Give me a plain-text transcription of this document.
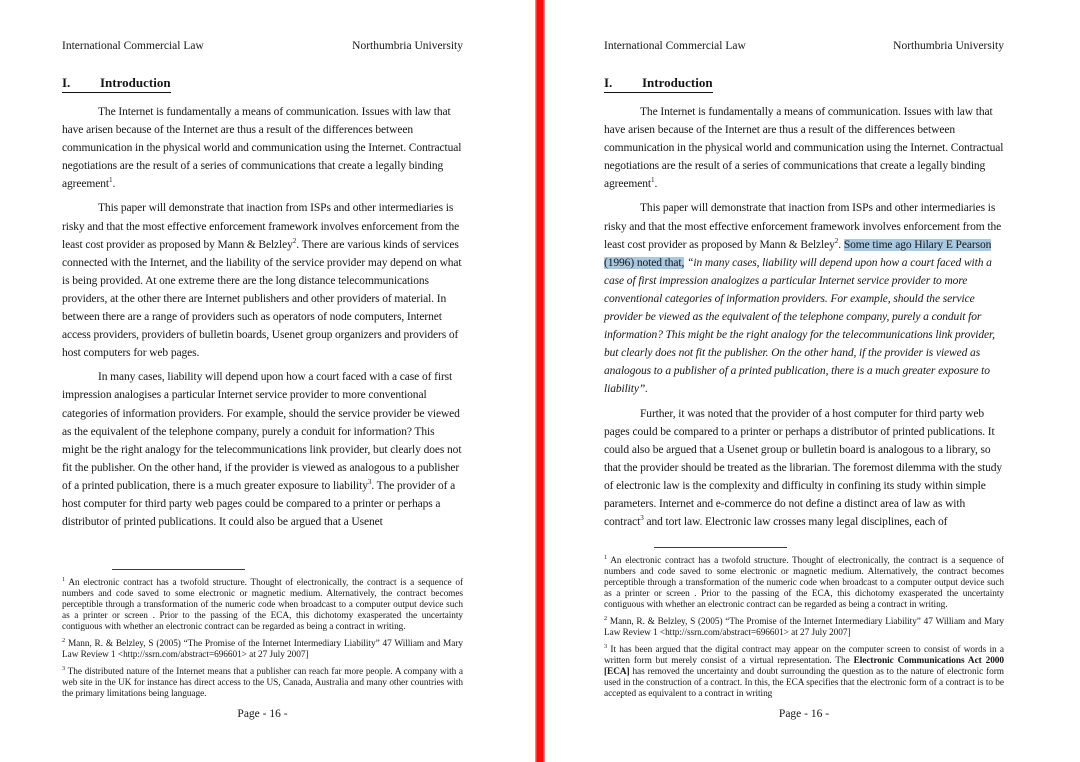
International Commercial Law	Northumbria University
I. Introduction

The Internet is fundamentally a means of communication. Issues with law that have arisen because of the Internet are thus a result of the differences between communication in the physical world and communication using the Internet. Contractual negotiations are the result of a series of communications that create a legally binding agreement$^1$.

This paper will demonstrate that inaction from ISPs and other intermediaries is risky and that the most effective enforcement framework involves enforcement from the least cost provider as proposed by Mann & Belzley$^2$. There are various kinds of services connected with the Internet, and the liability of the service provider may depend on what is being provided. At one extreme there are the long distance telecommunications providers, at the other there are Internet publishers and other providers of material. In between there are a range of providers such as operators of node computers, Internet access providers, providers of bulletin boards, Usenet group organizers and providers of host computers for web pages.

In many cases, liability will depend upon how a court faced with a case of first impression analogises a particular Internet service provider to more conventional categories of information providers. For example, should the service provider be viewed as the equivalent of the telephone company, purely a conduit for information? This might be the right analogy for the telecommunications link provider, but clearly does not fit the publisher. On the other hand, if the provider is viewed as analogous to a publisher of a printed publication, there is a much greater exposure to liability$^3$. The provider of a host computer for third party web pages could be compared to a printer or perhaps a distributor of printed publications. It could also be argued that a Usenet

$^1$ An electronic contract has a twofold structure. Thought of electronically, the contract is a sequence of numbers and code saved to some electronic or magnetic medium. Alternatively, the contract becomes perceptible through a transformation of the numeric code when broadcast to a computer output device such as a printer or screen . Prior to the passing of the ECA, this dichotomy exasperated the uncertainty contiguous with whether an electronic contract can be regarded as being a contract in writing.

$^2$ Mann, R. & Belzley, S (2005) “The Promise of the Internet Intermediary Liability” 47 William and Mary Law Review 1 <http://ssrn.com/abstract=696601> at 27 July 2007]

$^3$ The distributed nature of the Internet means that a publisher can reach far more people. A company with a web site in the UK for instance has direct access to the US, Canada, Australia and many other countries with the primary limitations being language.

Page - 16 -
International Commercial Law	Northumbria University
I. Introduction

The Internet is fundamentally a means of communication. Issues with law that have arisen because of the Internet are thus a result of the differences between communication in the physical world and communication using the Internet. Contractual negotiations are the result of a series of communications that create a legally binding agreement$^1$.

This paper will demonstrate that inaction from ISPs and other intermediaries is risky and that the most effective enforcement framework involves enforcement from the least cost provider as proposed by Mann & Belzley$^2$. Some time ago Hilary E Pearson (1996) noted that, “in many cases, liability will depend upon how a court faced with a case of first impression analogizes a particular Internet service provider to more conventional categories of information providers. For example, should the service provider be viewed as the equivalent of the telephone company, purely a conduit for information? This might be the right analogy for the telecommunications link provider, but clearly does not fit the publisher. On the other hand, if the provider is viewed as analogous to a publisher of a printed publication, there is a much greater exposure to liability”.

Further, it was noted that the provider of a host computer for third party web pages could be compared to a printer or perhaps a distributor of printed publications. It could also be argued that a Usenet group or bulletin board is analogous to a library, so that the provider should be treated as the librarian. The foremost dilemma with the study of electronic law is the complexity and difficulty in confining its study within simple parameters. Internet and e-commerce do not define a distinct area of law as with contract$^3$ and tort law. Electronic law crosses many legal disciplines, each of

$^1$ An electronic contract has a twofold structure. Thought of electronically, the contract is a sequence of numbers and code saved to some electronic or magnetic medium. Alternatively, the contract becomes perceptible through a transformation of the numeric code when broadcast to a computer output device such as a printer or screen . Prior to the passing of the ECA, this dichotomy exasperated the uncertainty contiguous with whether an electronic contract can be regarded as being a contract in writing.

$^2$ Mann, R. & Belzley, S (2005) “The Promise of the Internet Intermediary Liability” 47 William and Mary Law Review 1 <http://ssrn.com/abstract=696601> at 27 July 2007]

$^3$ It has been argued that the digital contract may appear on the computer screen to consist of words in a written form but merely consist of a virtual representation. The Electronic Communications Act 2000 [ECA] has removed the uncertainty and doubt surrounding the question as to the nature of electronic form used in the construction of a contract. In this, the ECA specifies that the electronic form of a contract is to be accepted as equivalent to a contract in writing

Page - 16 -
